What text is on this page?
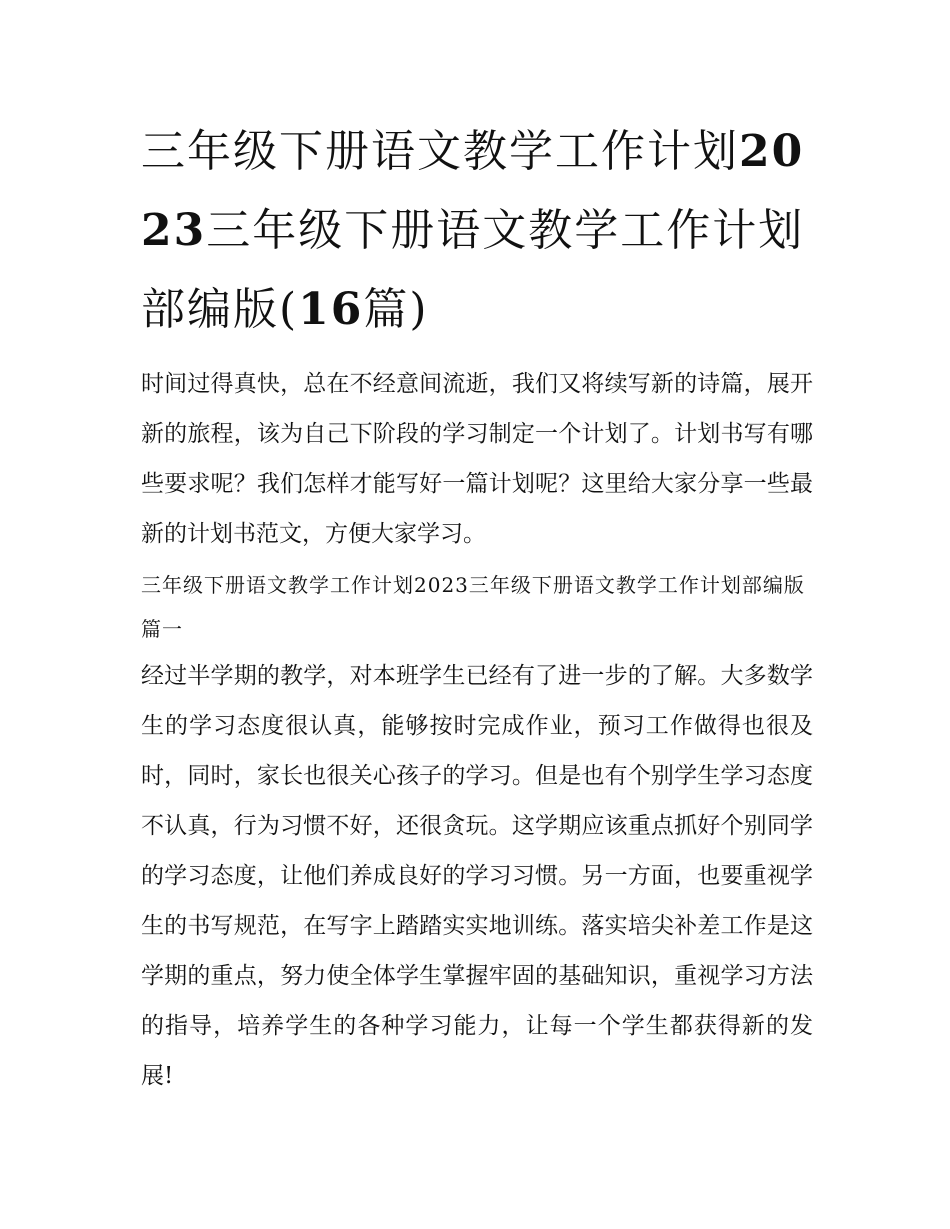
三年级下册语文教学工作计划2023三年级下册语文教学工作计划部编版(16篇)

时间过得真快，总在不经意间流逝，我们又将续写新的诗篇，展开新的旅程，该为自己下阶段的学习制定一个计划了。计划书写有哪些要求呢？我们怎样才能写好一篇计划呢？这里给大家分享一些最新的计划书范文，方便大家学习。

三年级下册语文教学工作计划2023三年级下册语文教学工作计划部编版篇一

经过半学期的教学，对本班学生已经有了进一步的了解。大多数学生的学习态度很认真，能够按时完成作业，预习工作做得也很及时，同时，家长也很关心孩子的学习。但是也有个别学生学习态度不认真，行为习惯不好，还很贪玩。这学期应该重点抓好个别同学的学习态度，让他们养成良好的学习习惯。另一方面，也要重视学生的书写规范，在写字上踏踏实实地训练。落实培尖补差工作是这学期的重点，努力使全体学生掌握牢固的基础知识，重视学习方法的指导，培养学生的各种学习能力，让每一个学生都获得新的发展!
